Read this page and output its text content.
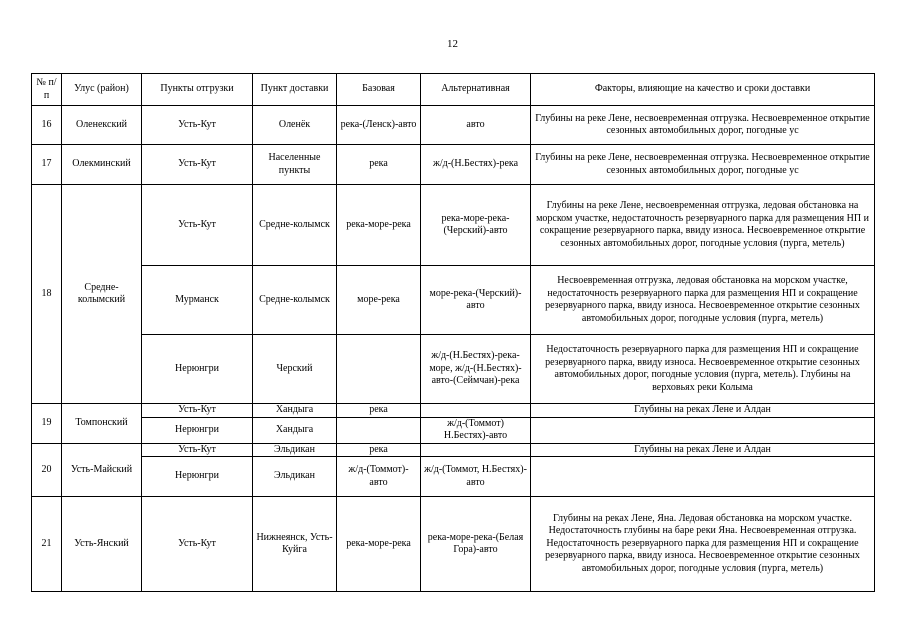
12
№ п/п	Улус (район)	Пункты отгрузки	Пункт доставки	Базовая	Альтернативная	Факторы, влияющие на качество и сроки доставки
16	Оленекский	Усть-Кут	Оленёк	река-(Ленск)-авто	авто	Глубины на реке Лене, несвоевременная отгрузка. Несвоевременное открытие сезонных автомобильных дорог, погодные ус
17	Олекминский	Усть-Кут	Населенные пункты	река	ж/д-(Н.Бестях)-река	Глубины на реке Лене, несвоевременная отгрузка. Несвоевременное открытие сезонных автомобильных дорог, погодные ус
18	Средне-колымский	Усть-Кут	Средне-колымск	река-море-река	река-море-река-(Черский)-авто	Глубины на реке Лене, несвоевременная отгрузка, ледовая обстановка на морском участке, недостаточность резервуарного парка для размещения НП и сокращение резервуарного парка, ввиду износа. Несвоевременное открытие сезонных автомобильных дорог, погодные условия (пурга, метель)
		Мурманск	Средне-колымск	море-река	море-река-(Черский)-авто	Несвоевременная отгрузка, ледовая обстановка на морском участке, недостаточность резервуарного парка для размещения НП и сокращение резервуарного парка, ввиду износа. Несвоевременное открытие сезонных автомобильных дорог, погодные условия (пурга, метель)
		Нерюнгри	Черский		ж/д-(Н.Бестях)-река-море, ж/д-(Н.Бестях)-авто-(Сеймчан)-река	Недостаточность резервуарного парка для размещения НП и сокращение резервуарного парка, ввиду износа. Несвоевременное открытие сезонных автомобильных дорог, погодные условия (пурга, метель). Глубины на верховьях реки Колыма
19	Томпонский	Усть-Кут	Хандыга	река		Глубины на реках Лене и Алдан
		Нерюнгри	Хандыга		ж/д-(Томмот) Н.Бестях)-авто	
20	Усть-Майский	Усть-Кут	Эльдикан	река		Глубины на реках Лене и Алдан
		Нерюнгри	Эльдикан	ж/д-(Томмот)-авто	ж/д-(Томмот, Н.Бестях)-авто	
21	Усть-Янский	Усть-Кут	Нижнеянск, Усть-Куйга	река-море-река	река-море-река-(Белая Гора)-авто	Глубины на реках Лене, Яна. Ледовая обстановка на морском участке. Недостаточность глубины на баре реки Яна. Несвоевременная отгрузка. Недостаточность резервуарного парка для размещения НП и сокращение резервуарного парка, ввиду износа. Несвоевременное открытие сезонных автомобильных дорог, погодные условия (пурга, метель)
